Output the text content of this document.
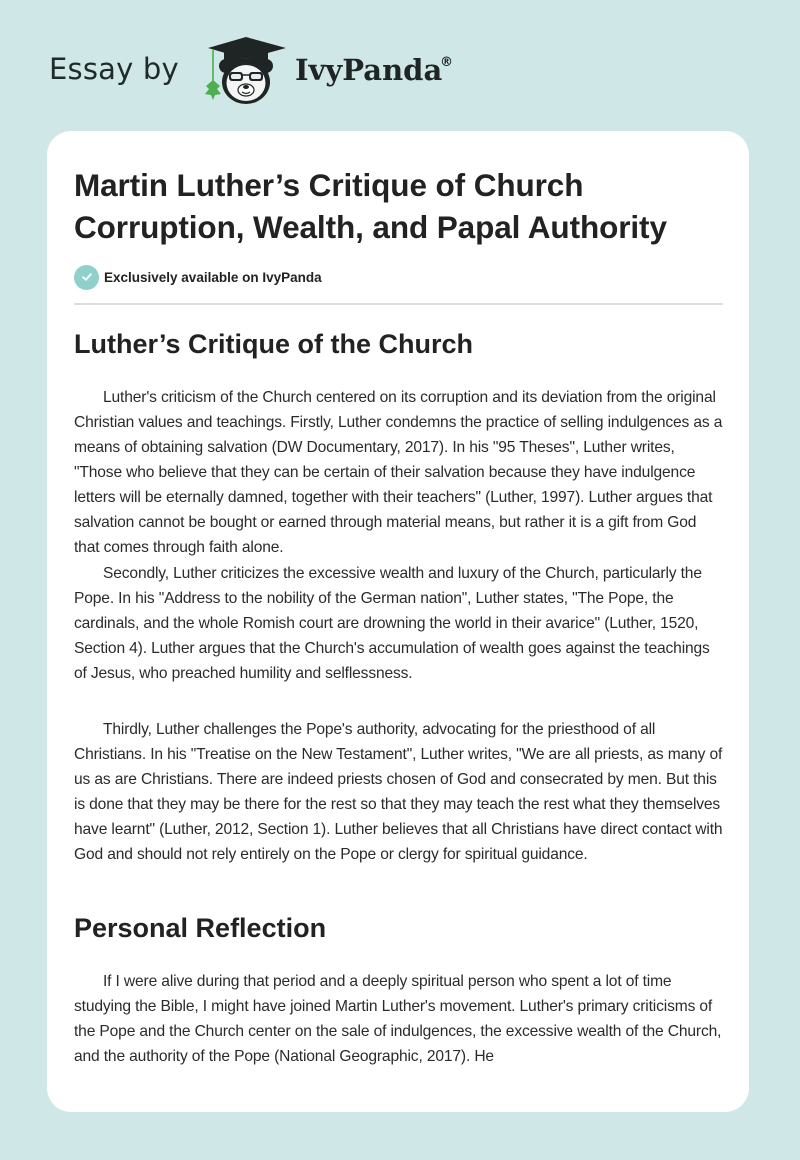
Essay by	IvyPanda
®
Martin Luther’s Critique of Church Corruption, Wealth, and Papal Authority
Exclusively available on IvyPanda
Luther’s Critique of the Church

Luther's criticism of the Church centered on its corruption and its deviation from the original Christian values and teachings. Firstly, Luther condemns the practice of selling indulgences as a means of obtaining salvation (DW Documentary, 2017). In his "95 Theses", Luther writes, "Those who believe that they can be certain of their salvation because they have indulgence letters will be eternally damned, together with their teachers" (Luther, 1997). Luther argues that salvation cannot be bought or earned through material means, but rather it is a gift from God that comes through faith alone.

Secondly, Luther criticizes the excessive wealth and luxury of the Church, particularly the Pope. In his "Address to the nobility of the German nation", Luther states, "The Pope, the cardinals, and the whole Romish court are drowning the world in their avarice" (Luther, 1520, Section 4). Luther argues that the Church's accumulation of wealth goes against the teachings of Jesus, who preached humility and selflessness.

Thirdly, Luther challenges the Pope's authority, advocating for the priesthood of all Christians. In his "Treatise on the New Testament", Luther writes, "We are all priests, as many of us as are Christians. There are indeed priests chosen of God and consecrated by men. But this is done that they may be there for the rest so that they may teach the rest what they themselves have learnt" (Luther, 2012, Section 1). Luther believes that all Christians have direct contact with God and should not rely entirely on the Pope or clergy for spiritual guidance.

Personal Reflection

If I were alive during that period and a deeply spiritual person who spent a lot of time studying the Bible, I might have joined Martin Luther's movement. Luther's primary criticisms of the Pope and the Church center on the sale of indulgences, the excessive wealth of the Church, and the authority of the Pope (National Geographic, 2017). He
